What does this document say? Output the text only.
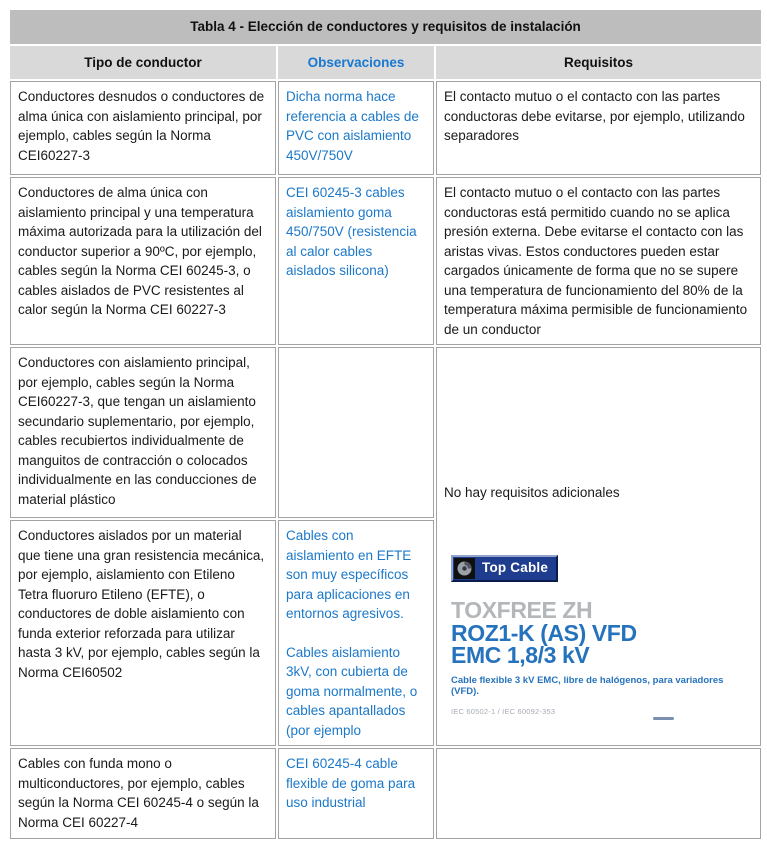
Tabla 4 - Elección de conductores y requisitos de instalación		
Tipo de conductor	Observaciones	Requisitos
Conductores desnudos o conductores de alma única con aislamiento principal, por ejemplo, cables según la Norma CEI60227-3	Dicha norma hace referencia a cables de PVC con aislamiento 450V/750V	El contacto mutuo o el contacto con las partes conductoras debe evitarse, por ejemplo, utilizando separadores
Conductores de alma única con aislamiento principal y una temperatura máxima autorizada para la utilización del conductor superior a 90ºC, por ejemplo, cables según la Norma CEI 60245-3, o cables aislados de PVC resistentes al calor según la Norma CEI 60227-3	CEI 60245-3 cables aislamiento goma 450/750V (resistencia al calor cables aislados silicona)	El contacto mutuo o el contacto con las partes conductoras está permitido cuando no se aplica presión externa. Debe evitarse el contacto con las aristas vivas. Estos conductores pueden estar cargados únicamente de forma que no se supere una temperatura de funcionamiento del 80% de la temperatura máxima permisible de funcionamiento de un conductor
Conductores con aislamiento principal, por ejemplo, cables según la Norma CEI60227-3, que tengan un aislamiento secundario suplementario, por ejemplo, cables recubiertos individualmente de manguitos de contracción o colocados individualmente en las conducciones de material plástico		No hay requisitos adicionales
Top Cable
TOXFREE ZH
ROZ1-K (AS) VFD
EMC 1,8/3 kV
Cable flexible 3 kV EMC, libre de halógenos, para variadores (VFD).
IEC 60502-1 / IEC 60092-353

Conductores aislados por un material que tiene una gran resistencia mecánica, por ejemplo, aislamiento con Etileno Tetra fluoruro Etileno (EFTE), o conductores de doble aislamiento con funda exterior reforzada para utilizar hasta 3 kV, por ejemplo, cables según la Norma CEI60502	Cables con aislamiento en EFTE son muy específicos para aplicaciones en entornos agresivos.
Cables aislamiento 3kV, con cubierta de goma normalmente, o cables apantallados (por ejemplo	

Cables con funda mono o multiconductores, por ejemplo, cables según la Norma CEI 60245-4 o según la Norma CEI 60227-4	CEI 60245-4 cable flexible de goma para uso industrial	
